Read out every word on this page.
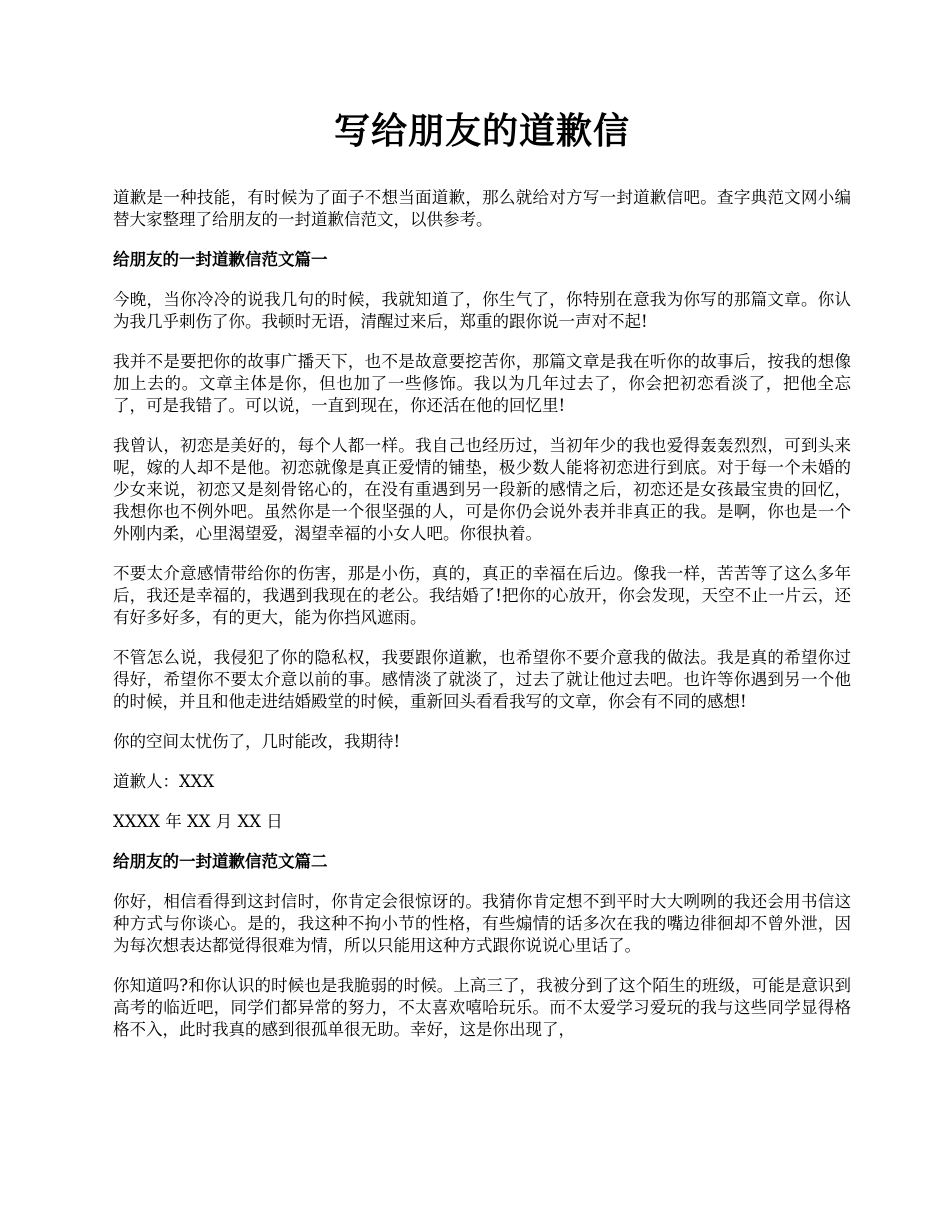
写给朋友的道歉信

道歉是一种技能，有时候为了面子不想当面道歉，那么就给对方写一封道歉信吧。查字典范文网小编替大家整理了给朋友的一封道歉信范文，以供参考。

给朋友的一封道歉信范文篇一

今晚，当你冷冷的说我几句的时候，我就知道了，你生气了，你特别在意我为你写的那篇文章。你认为我几乎刺伤了你。我顿时无语，清醒过来后，郑重的跟你说一声对不起!

我并不是要把你的故事广播天下，也不是故意要挖苦你，那篇文章是我在听你的故事后，按我的想像加上去的。文章主体是你，但也加了一些修饰。我以为几年过去了，你会把初恋看淡了，把他全忘了，可是我错了。可以说，一直到现在，你还活在他的回忆里!

我曾认，初恋是美好的，每个人都一样。我自己也经历过，当初年少的我也爱得轰轰烈烈，可到头来呢，嫁的人却不是他。初恋就像是真正爱情的铺垫，极少数人能将初恋进行到底。对于每一个未婚的少女来说，初恋又是刻骨铭心的，在没有重遇到另一段新的感情之后，初恋还是女孩最宝贵的回忆，我想你也不例外吧。虽然你是一个很坚强的人，可是你仍会说外表并非真正的我。是啊，你也是一个外刚内柔，心里渴望爱，渴望幸福的小女人吧。你很执着。

不要太介意感情带给你的伤害，那是小伤，真的，真正的幸福在后边。像我一样，苦苦等了这么多年后，我还是幸福的，我遇到我现在的老公。我结婚了!把你的心放开，你会发现，天空不止一片云，还有好多好多，有的更大，能为你挡风遮雨。

不管怎么说，我侵犯了你的隐私权，我要跟你道歉，也希望你不要介意我的做法。我是真的希望你过得好，希望你不要太介意以前的事。感情淡了就淡了，过去了就让他过去吧。也许等你遇到另一个他的时候，并且和他走进结婚殿堂的时候，重新回头看看我写的文章，你会有不同的感想!

你的空间太忧伤了，几时能改，我期待!

道歉人：XXX

XXXX 年 XX 月 XX 日

给朋友的一封道歉信范文篇二

你好，相信看得到这封信时，你肯定会很惊讶的。我猜你肯定想不到平时大大咧咧的我还会用书信这种方式与你谈心。是的，我这种不拘小节的性格，有些煽情的话多次在我的嘴边徘徊却不曾外泄，因为每次想表达都觉得很难为情，所以只能用这种方式跟你说说心里话了。

你知道吗?和你认识的时候也是我脆弱的时候。上高三了，我被分到了这个陌生的班级，可能是意识到高考的临近吧，同学们都异常的努力，不太喜欢嘻哈玩乐。而不太爱学习爱玩的我与这些同学显得格格不入，此时我真的感到很孤单很无助。幸好，这是你出现了，
